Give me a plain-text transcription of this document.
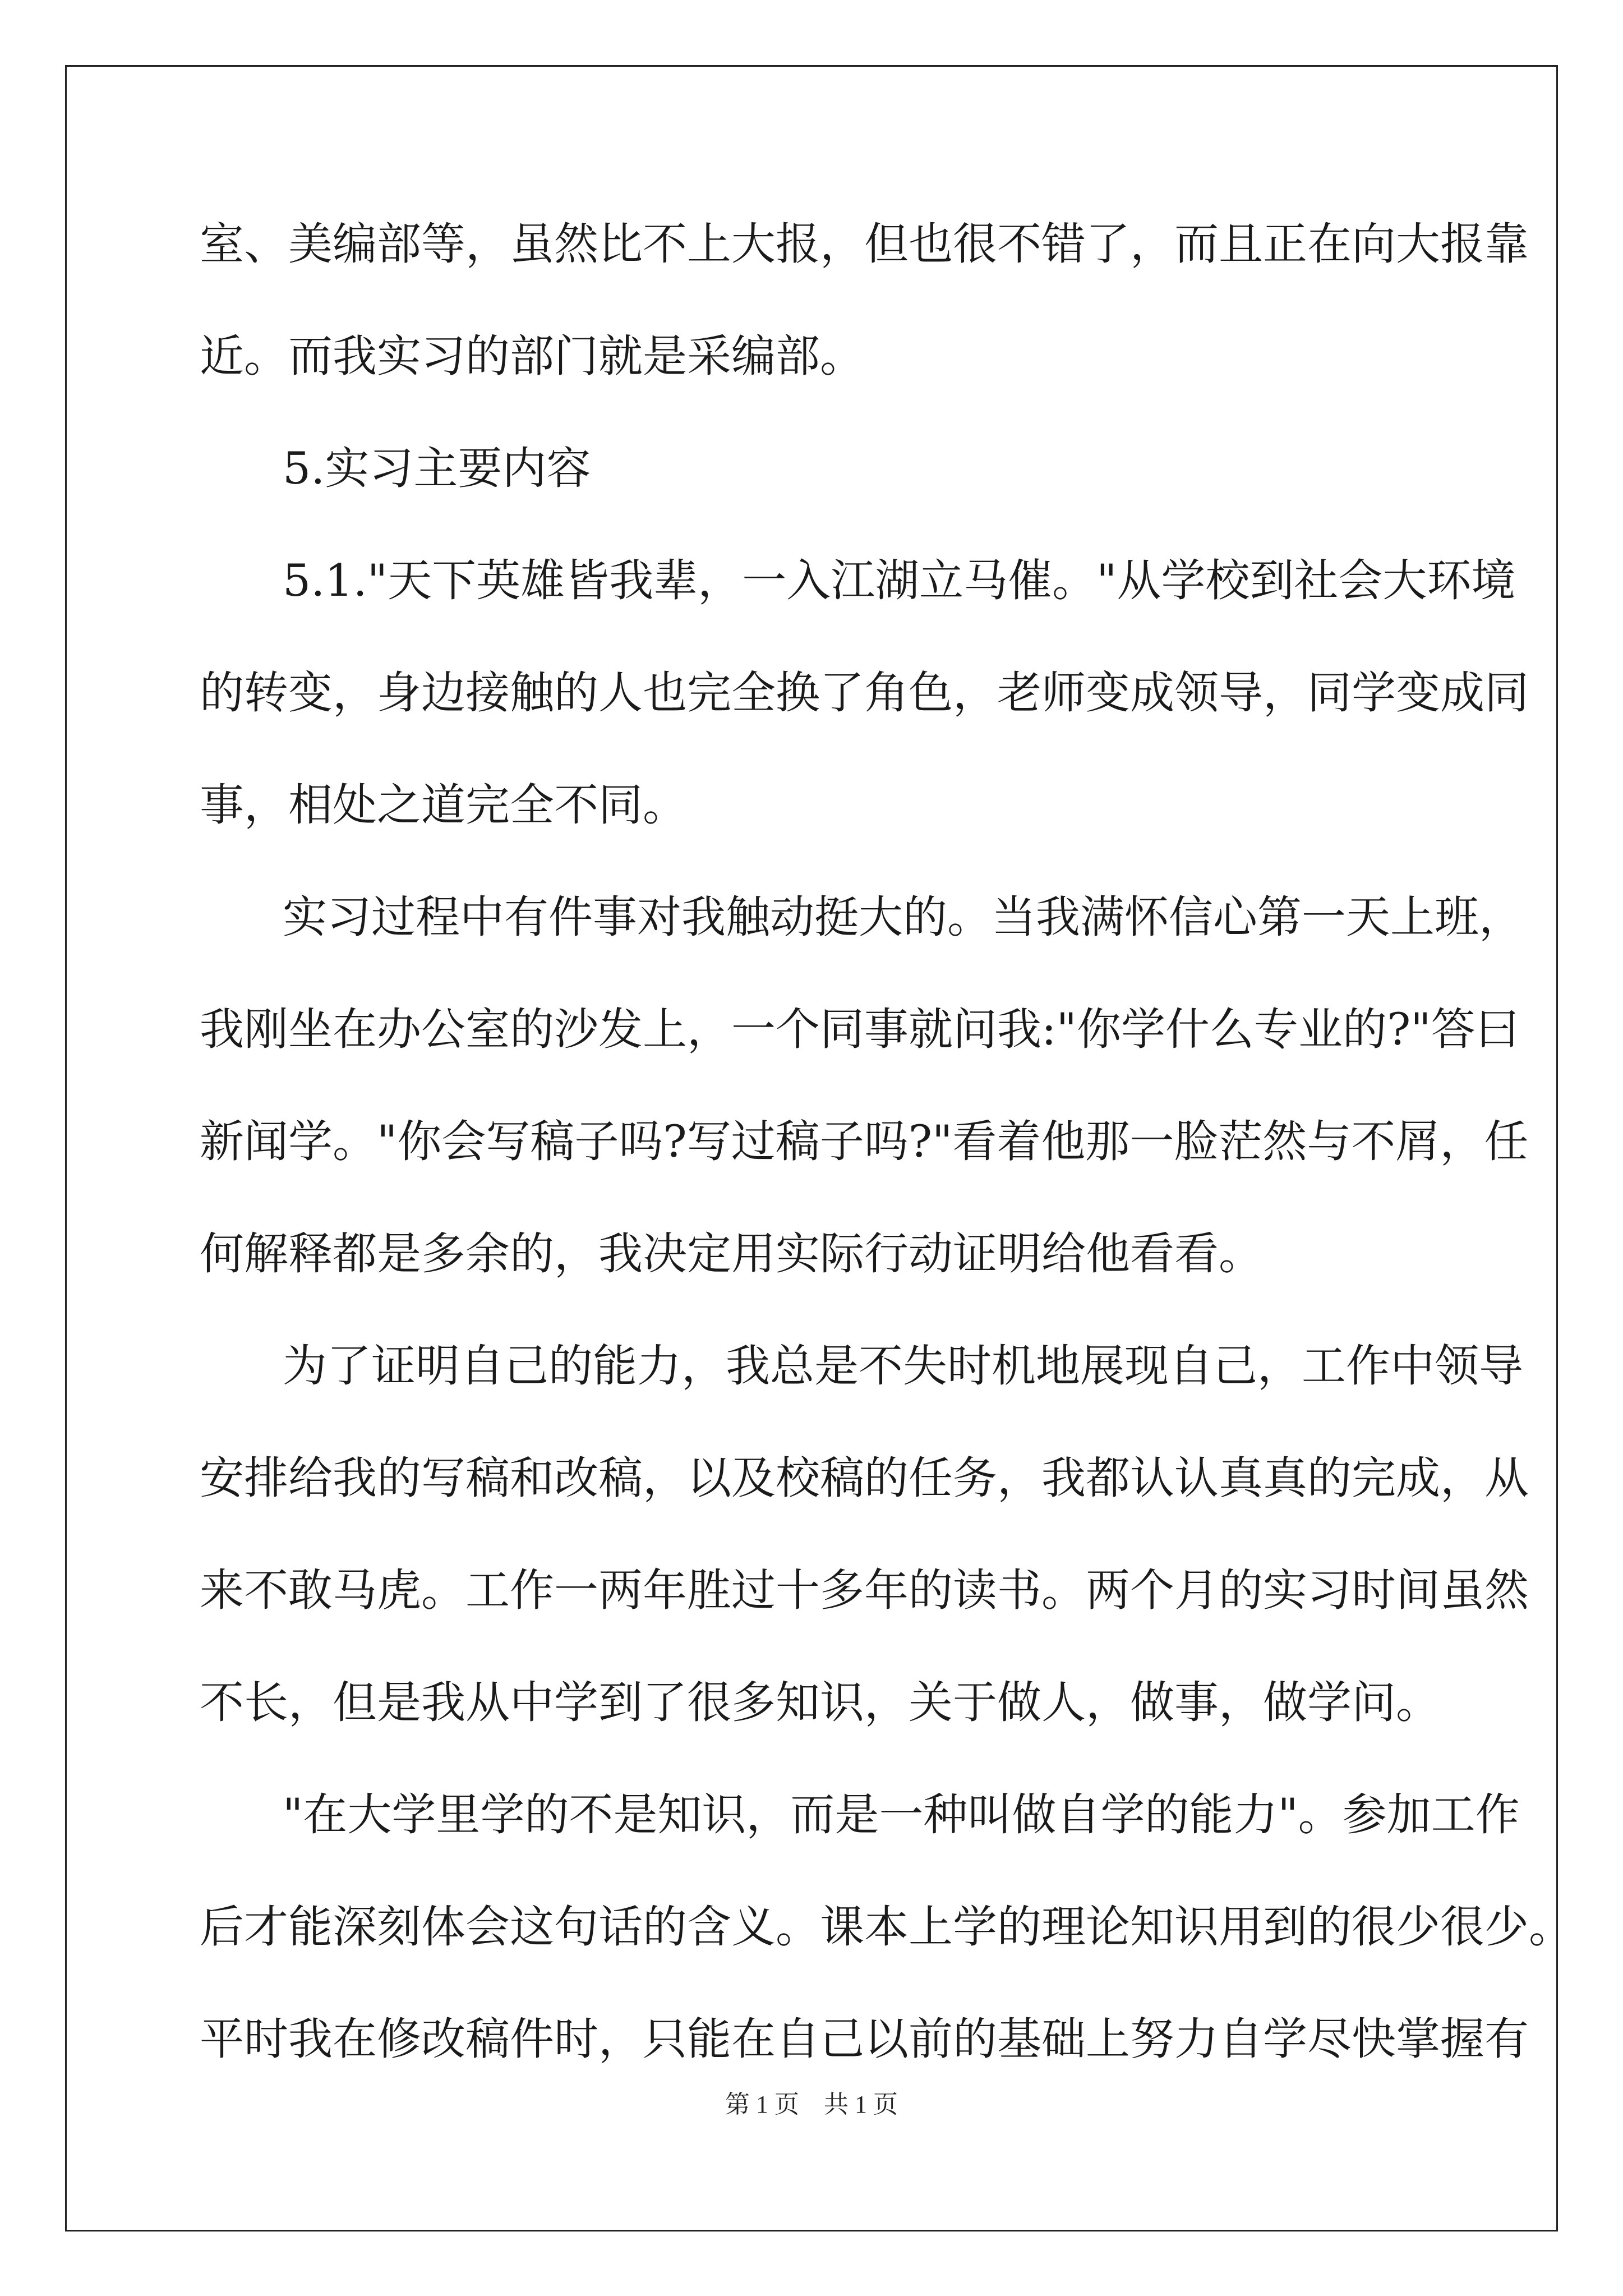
室、美编部等，虽然比不上大报，但也很不错了，而且正在向大报靠
近。而我实习的部门就是采编部。
5.实习主要内容
5.1."天下英雄皆我辈，一入江湖立马催。"从学校到社会大环境
的转变，身边接触的人也完全换了角色，老师变成领导，同学变成同
事，相处之道完全不同。
实习过程中有件事对我触动挺大的。当我满怀信心第一天上班，
我刚坐在办公室的沙发上，一个同事就问我:"你学什么专业的?"答曰
新闻学。"你会写稿子吗?写过稿子吗?"看着他那一脸茫然与不屑，任
何解释都是多余的，我决定用实际行动证明给他看看。
为了证明自己的能力，我总是不失时机地展现自己，工作中领导
安排给我的写稿和改稿，以及校稿的任务，我都认认真真的完成，从
来不敢马虎。工作一两年胜过十多年的读书。两个月的实习时间虽然
不长，但是我从中学到了很多知识，关于做人，做事，做学问。
"在大学里学的不是知识，而是一种叫做自学的能力"。参加工作
后才能深刻体会这句话的含义。课本上学的理论知识用到的很少很少。
平时我在修改稿件时，只能在自己以前的基础上努力自学尽快掌握有
第 1 页    共 1 页
